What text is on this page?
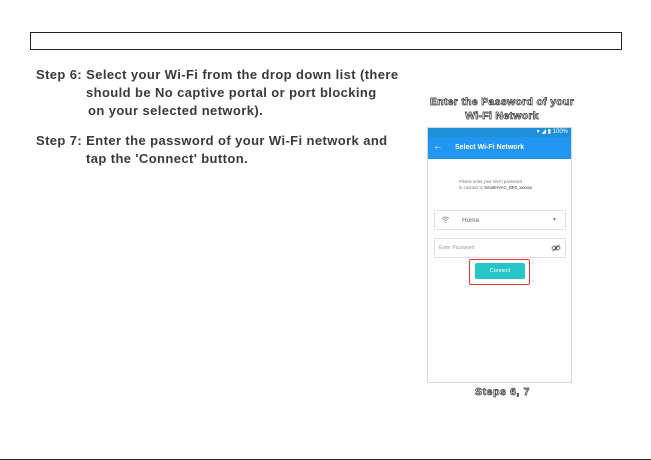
Step 6: Select your Wi-Fi from the drop down list (there
should be No captive portal or port blocking
on your selected network).
Step 7: Enter the password of your Wi-Fi network and
tap the 'Connect' button.
Enter the Password of your
Wi-Fi Network
▾ ◢ ▮ 100%
← Select Wi-Fi Network
Please enter your Wi-Fi password
to connect to SmartHVAC_BR3_xxxxxx
Home	▼
Enter Password
Connect
Steps 6, 7
